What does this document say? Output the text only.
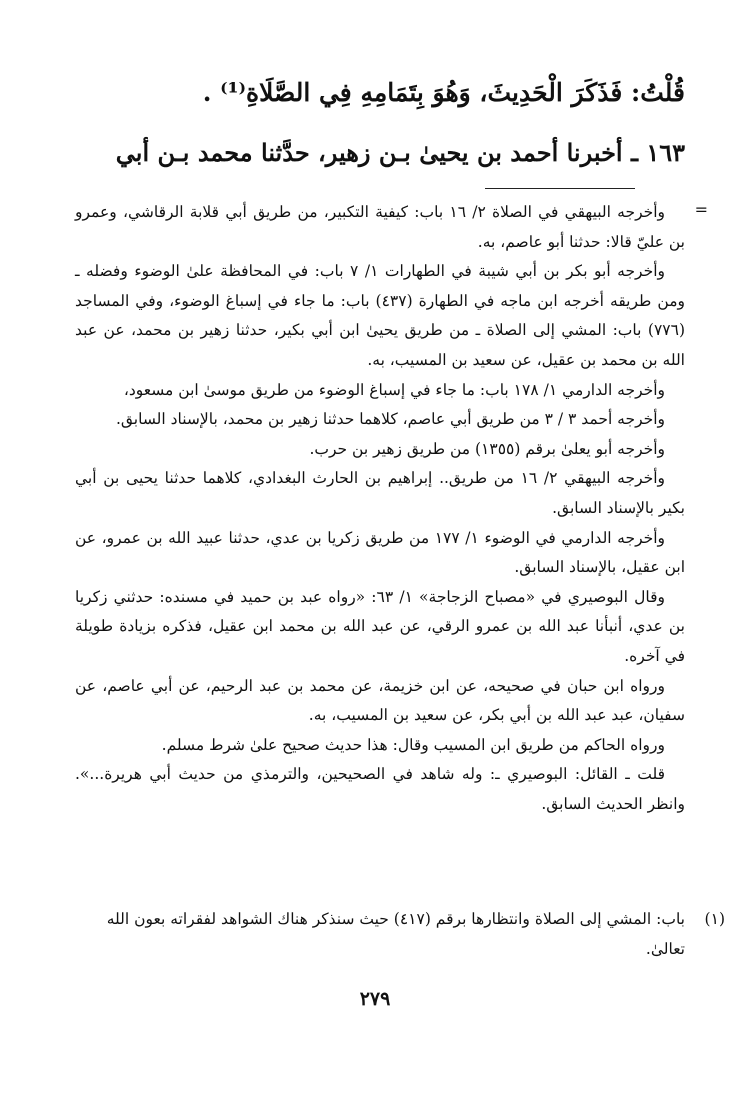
قُلْتُ: فَذَكَرَ الْحَدِيثَ، وَهُوَ بِتَمَامِهِ فِي الصَّلَاةِ⁽¹⁾ .
١٦٣ ـ أخبرنا أحمد بن يحيىٰ بـن زهير، حدَّثنا محمد بـن أبي
=

وأخرجه البيهقي في الصلاة ٢/ ١٦ باب: كيفية التكبير، من طريق أبي قلابة الرقاشي، وعمرو بن عليّ قالا: حدثنا أبو عاصم، به.

وأخرجه أبو بكر بن أبي شيبة في الطهارات ١/ ٧ باب: في المحافظة علىٰ الوضوء وفضله ـ ومن طريقه أخرجه ابن ماجه في الطهارة (٤٣٧) باب: ما جاء في إسباغ الوضوء، وفي المساجد (٧٧٦) باب: المشي إلى الصلاة ـ من طريق يحيىٰ ابن أبي بكير، حدثنا زهير بن محمد، عن عبد الله بن محمد بن عقيل، عن سعيد بن المسيب، به.

وأخرجه الدارمي ١/ ١٧٨ باب: ما جاء في إسباغ الوضوء من طريق موسىٰ ابن مسعود،

وأخرجه أحمد ٣ / ٣ من طريق أبي عاصم، كلاهما حدثنا زهير بن محمد، بالإسناد السابق.

وأخرجه أبو يعلىٰ برقم (١٣٥٥) من طريق زهير بن حرب.

وأخرجه البيهقي ٢/ ١٦ من طريق.. إبراهيم بن الحارث البغدادي، كلاهما حدثنا يحيى بن أبي بكير بالإسناد السابق.

وأخرجه الدارمي في الوضوء ١/ ١٧٧ من طريق زكريا بن عدي، حدثنا عبيد الله بن عمرو، عن ابن عقيل، بالإسناد السابق.

وقال البوصيري في «مصباح الزجاجة» ١/ ٦٣: «رواه عبد بن حميد في مسنده: حدثني زكريا بن عدي، أنبأنا عبد الله بن عمرو الرقي، عن عبد الله بن محمد ابن عقيل، فذكره بزيادة طويلة في آخره.

ورواه ابن حبان في صحيحه، عن ابن خزيمة، عن محمد بن عبد الرحيم، عن أبي عاصم، عن سفيان، عبد عبد الله بن أبي بكر، عن سعيد بن المسيب، به.

ورواه الحاكم من طريق ابن المسيب وقال: هذا حديث صحيح علىٰ شرط مسلم.

قلت ـ القائل: البوصيري ـ: وله شاهد في الصحيحين، والترمذي من حديث أبي هريرة...». وانظر الحديث السابق.

(١)
باب: المشي إلى الصلاة وانتظارها برقم (٤١٧) حيث سنذكر هناك الشواهد لفقراته بعون الله تعالىٰ.
٢٧٩
